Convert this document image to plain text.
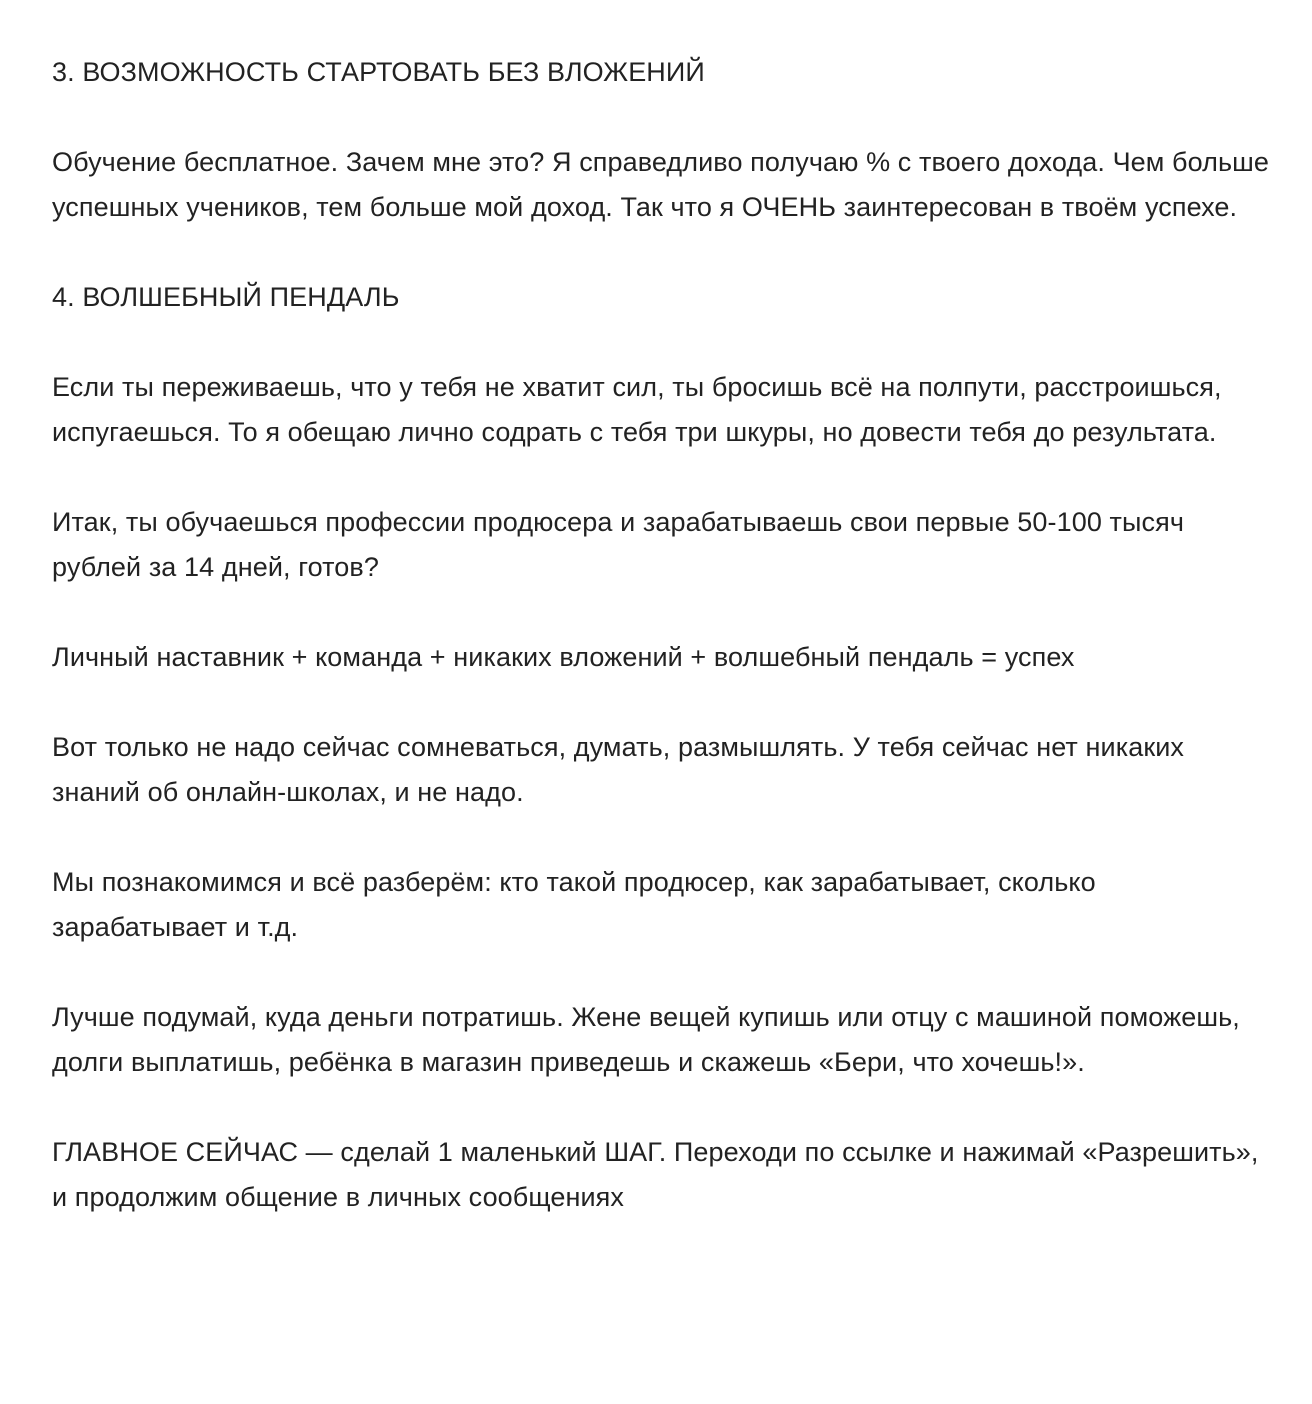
3. ВОЗМОЖНОСТЬ СТАРТОВАТЬ БЕЗ ВЛОЖЕНИЙ

Обучение бесплатное. Зачем мне это? Я справедливо получаю % с твоего дохода. Чем больше успешных учеников, тем больше мой доход. Так что я ОЧЕНЬ заинтересован в твоём успехе.

4. ВОЛШЕБНЫЙ ПЕНДАЛЬ

Если ты переживаешь, что у тебя не хватит сил, ты бросишь всё на полпути, расстроишься, испугаешься. То я обещаю лично содрать с тебя три шкуры, но довести тебя до результата.

Итак, ты обучаешься профессии продюсера и зарабатываешь свои первые 50-100 тысяч рублей за 14 дней, готов?

Личный наставник + команда + никаких вложений + волшебный пендаль = успех

Вот только не надо сейчас сомневаться, думать, размышлять. У тебя сейчас нет никаких знаний об онлайн-школах, и не надо.

Мы познакомимся и всё разберём: кто такой продюсер, как зарабатывает, сколько зарабатывает и т.д.

Лучше подумай, куда деньги потратишь. Жене вещей купишь или отцу с машиной поможешь, долги выплатишь, ребёнка в магазин приведешь и скажешь «Бери, что хочешь!».

ГЛАВНОЕ СЕЙЧАС — сделай 1 маленький ШАГ. Переходи по ссылке и нажимай «Разрешить», и продолжим общение в личных сообщениях
